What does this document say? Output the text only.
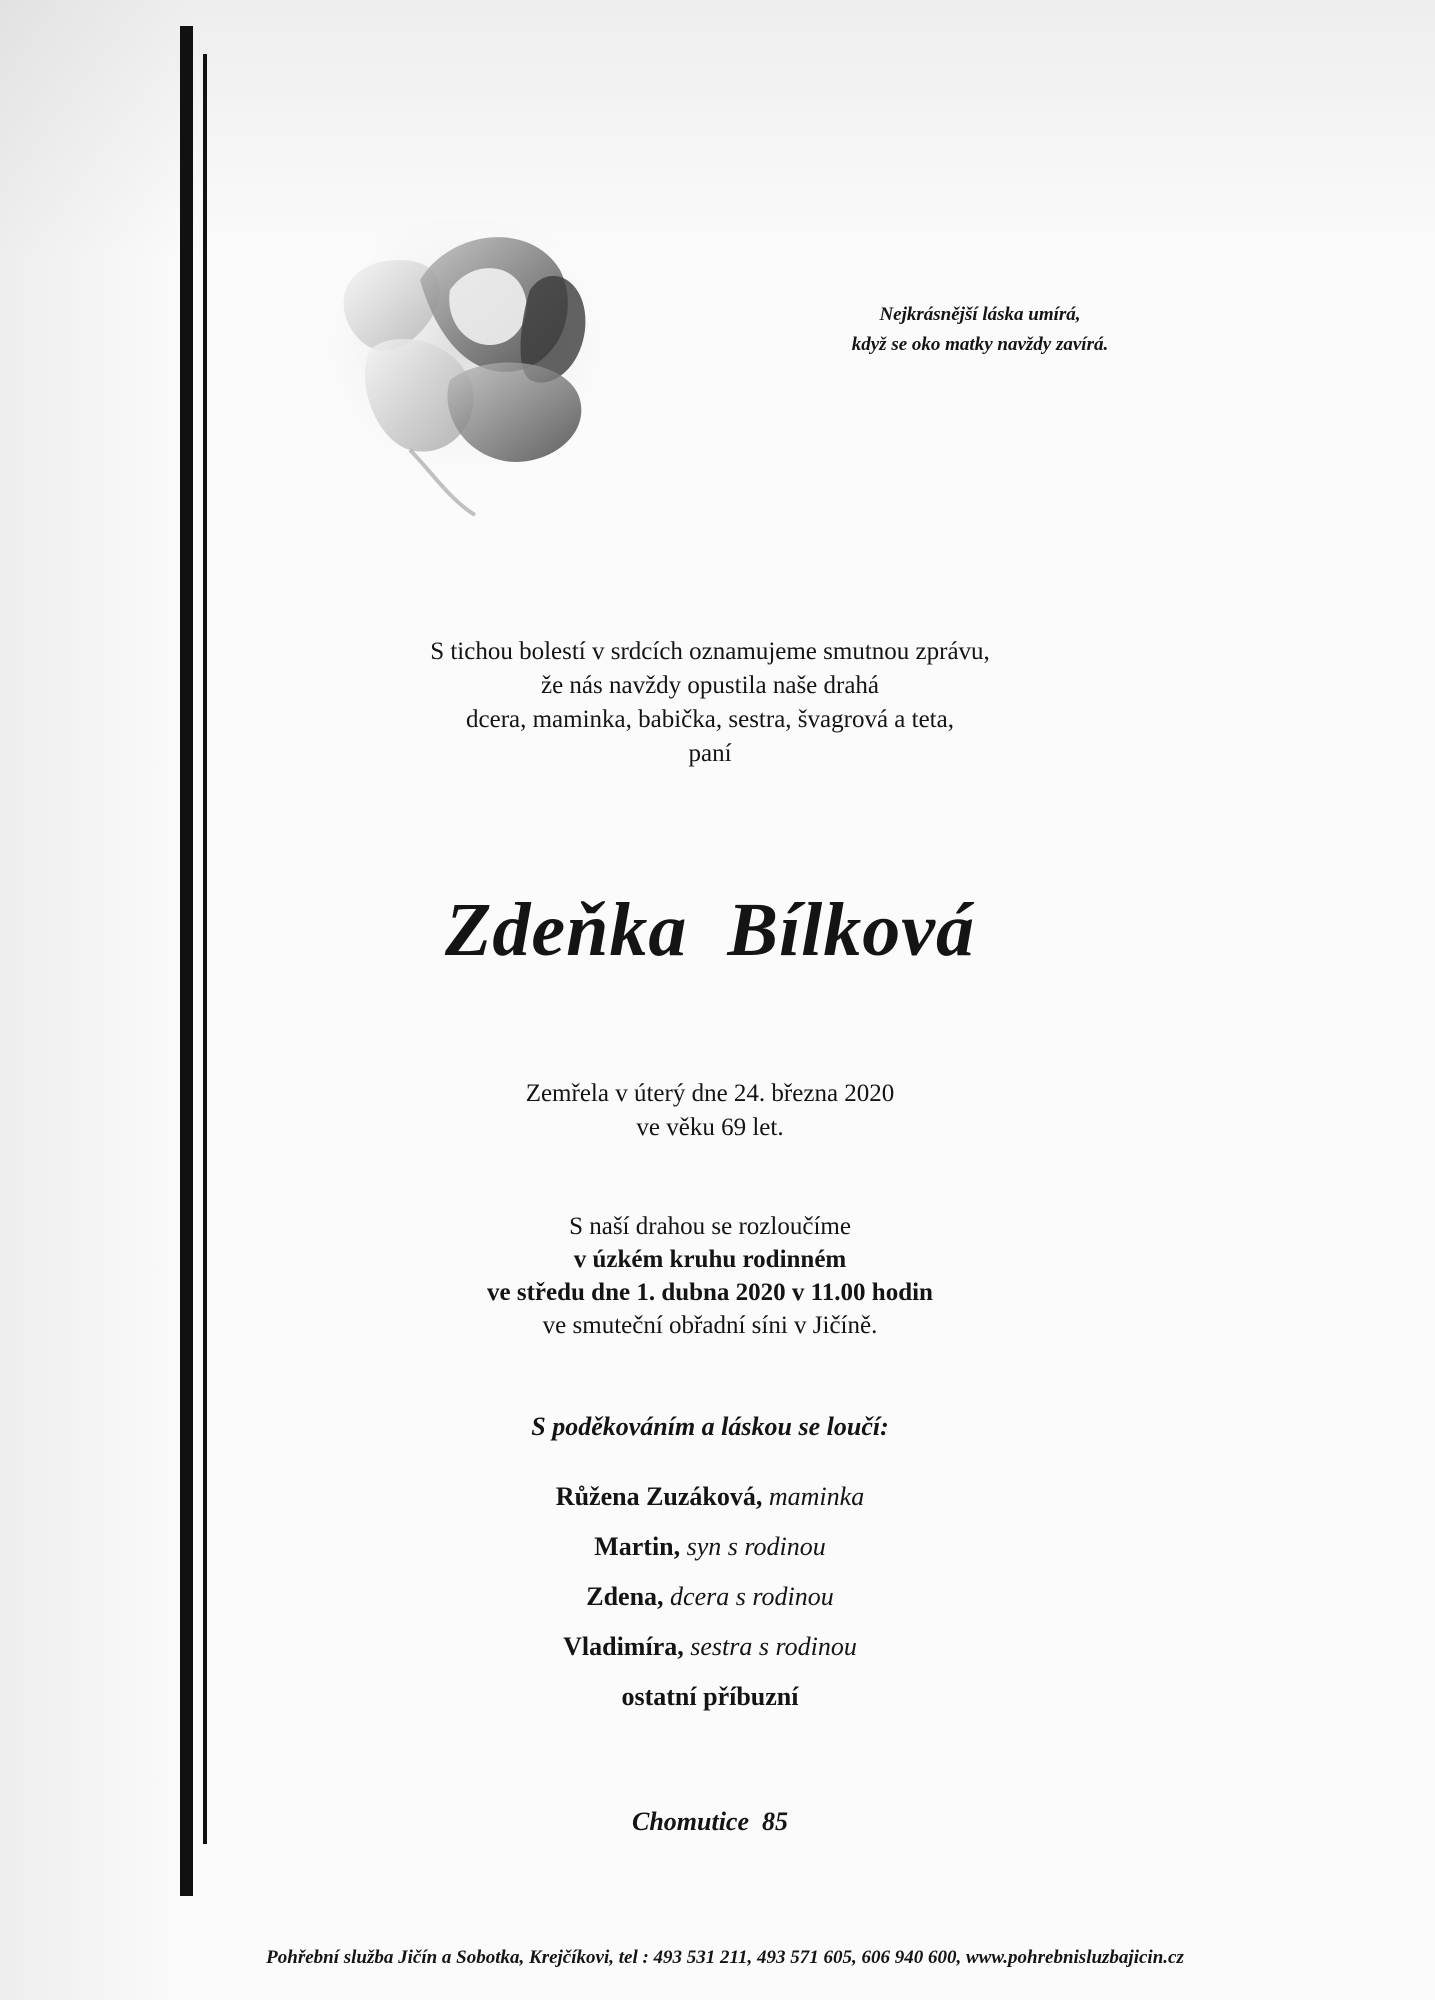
Nejkrásnější láska umírá,
když se oko matky navždy zavírá.
S tichou bolestí v srdcích oznamujeme smutnou zprávu,
že nás navždy opustila naše drahá
dcera, maminka, babička, sestra, švagrová a teta,
paní
Zdeňka  Bílková
Zemřela v úterý dne 24. března 2020
ve věku 69 let.
S naší drahou se rozloučíme
v úzkém kruhu rodinném
ve středu dne 1. dubna 2020 v 11.00 hodin
ve smuteční obřadní síni v Jičíně.
S poděkováním a láskou se loučí:
Růžena Zuzáková, maminka
Martin, syn s rodinou
Zdena, dcera s rodinou
Vladimíra, sestra s rodinou
ostatní příbuzní
Chomutice  85
Pohřební služba Jičín a Sobotka, Krejčíkovi, tel : 493 531 211, 493 571 605, 606 940 600, www.pohrebnisluzbajicin.cz
